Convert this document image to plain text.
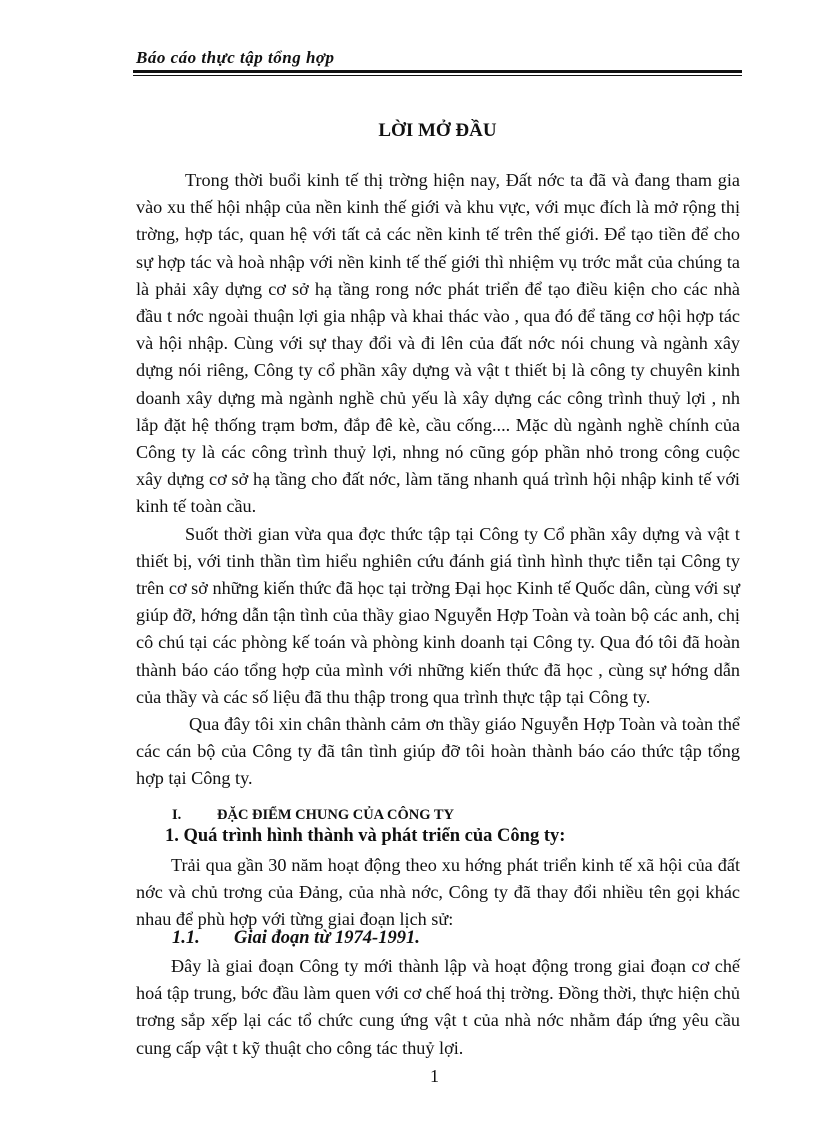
Báo cáo thực tập tổng hợp
LỜI MỞ ĐẦU

Trong thời buổi kinh tế thị trờng hiện nay, Đất nớc ta đã và đang tham gia vào xu thế hội nhập của nền kinh thế giới và khu vực, với mục đích là mở rộng thị trờng, hợp tác, quan hệ với tất cả các nền kinh tế trên thế giới. Để tạo tiền để cho sự hợp tác và hoà nhập với nền kinh tế thế giới thì nhiệm vụ trớc mắt của chúng ta là phải xây dựng cơ sở hạ tầng rong nớc phát triển để tạo điều kiện cho các nhà đầu t nớc ngoài thuận lợi gia nhập và khai thác vào , qua đó để tăng cơ hội hợp tác và hội nhập. Cùng với sự thay đổi và đi lên của đất nớc nói chung và ngành xây dựng nói riêng, Công ty cổ phần xây dựng và vật t thiết bị là công ty chuyên kinh doanh xây dựng mà ngành nghề chủ yếu là xây dựng các công trình thuỷ lợi , nh lắp đặt hệ thống trạm bơm, đắp đê kè, cầu cống.... Mặc dù ngành nghề chính của Công ty là các công trình thuỷ lợi, nhng nó cũng góp phần nhỏ trong công cuộc xây dựng cơ sở hạ tầng cho đất nớc, làm tăng nhanh quá trình hội nhập kinh tế với kinh tế toàn cầu.

Suốt thời gian vừa qua đợc thức tập tại Công ty Cổ phần xây dựng và vật t thiết bị, với tinh thần tìm hiểu nghiên cứu đánh giá tình hình thực tiễn tại Công ty trên cơ sở những kiến thức đã học tại trờng Đại học Kinh tế Quốc dân, cùng với sự giúp đỡ, hớng dẫn tận tình của thầy giao Nguyễn Hợp Toàn và toàn bộ các anh, chị cô chú tại các phòng kế toán và phòng kinh doanh tại Công ty. Qua đó tôi đã hoàn thành báo cáo tổng hợp của mình với những kiến thức đã học , cùng sự hớng dẫn của thầy và các số liệu đã thu thập trong qua trình thực tập tại Công ty.

Qua đây tôi xin chân thành cảm ơn thầy giáo Nguyễn Hợp Toàn và toàn thể các cán bộ của Công ty đã tân tình giúp đỡ tôi hoàn thành báo cáo thức tập tổng hợp tại Công ty.

I. ĐẶC ĐIỂM CHUNG CỦA CÔNG TY
1. Quá trình hình thành và phát triển của Công ty:

Trải qua gần 30 năm hoạt động theo xu hớng phát triển kinh tế xã hội của đất nớc và chủ trơng của Đảng, của nhà nớc, Công ty đã thay đổi nhiều tên gọi khác nhau để phù hợp với từng giai đoạn lịch sử:

1.1. Giai đoạn từ 1974-1991.

Đây là giai đoạn Công ty mới thành lập và hoạt động trong giai đoạn cơ chế hoá tập trung, bớc đầu làm quen với cơ chế hoá thị trờng. Đồng thời, thực hiện chủ trơng sắp xếp lại các tổ chức cung ứng vật t của nhà nớc nhằm đáp ứng yêu cầu cung cấp vật t kỹ thuật cho công tác thuỷ lợi.

1
